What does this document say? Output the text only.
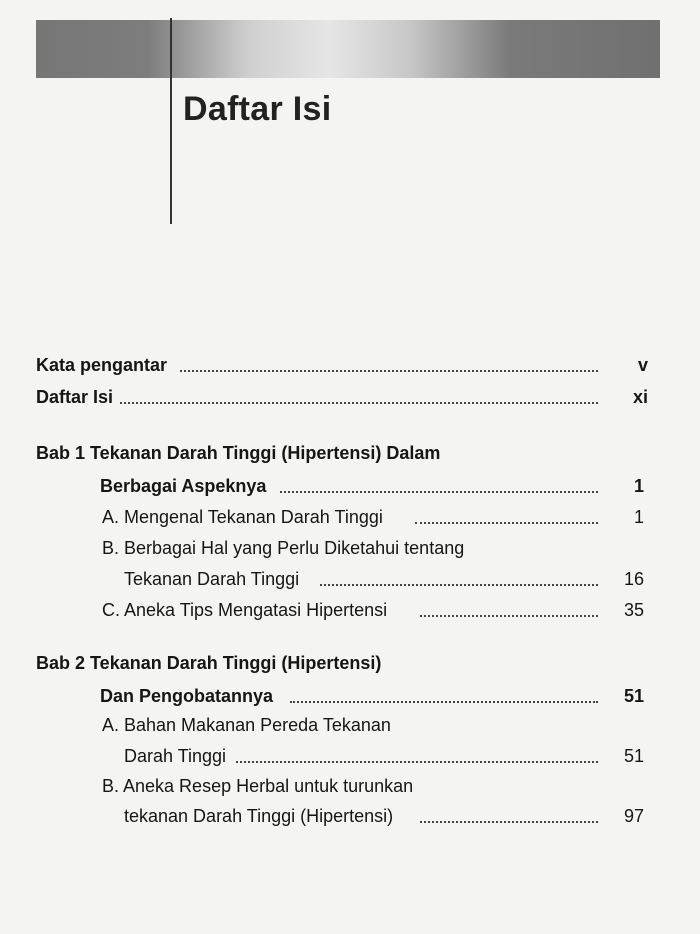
Daftar Isi
Kata pengantar	v
Daftar Isi	xi
Bab 1 Tekanan Darah Tinggi (Hipertensi) Dalam
Berbagai Aspeknya	1
A. Mengenal Tekanan Darah Tinggi	1
B. Berbagai Hal yang Perlu Diketahui tentang
Tekanan Darah Tinggi	16
C. Aneka Tips Mengatasi Hipertensi	35
Bab 2 Tekanan Darah Tinggi (Hipertensi)
Dan Pengobatannya	51
A. Bahan Makanan Pereda Tekanan
Darah Tinggi	51
B. Aneka Resep Herbal untuk turunkan
tekanan Darah Tinggi (Hipertensi)	97
